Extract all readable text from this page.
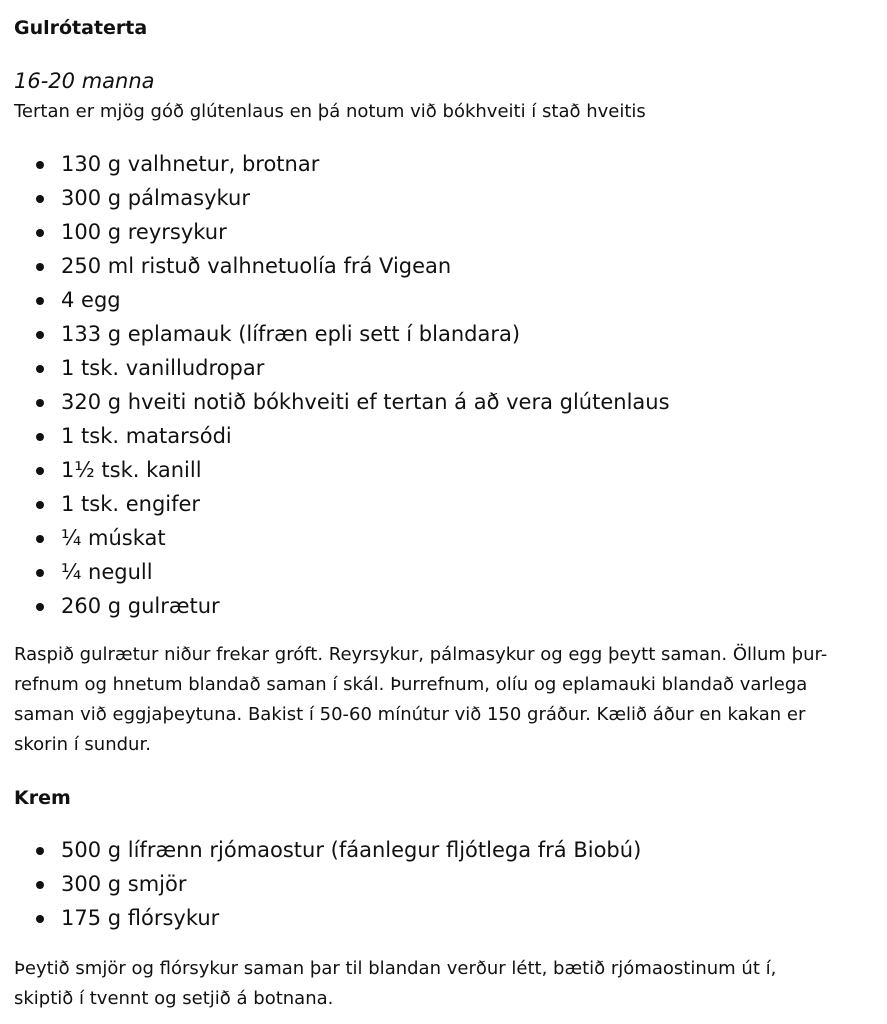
Gulrótaterta

16-20 manna

Tertan er mjög góð glútenlaus en þá notum við bókhveiti í stað hveitis

130 g valhnetur, brotnar
300 g pálmasykur
100 g reyrsykur
250 ml ristuð valhnetuolía frá Vigean
4 egg
133 g eplamauk (lífræn epli sett í blandara)
1 tsk. vanilludropar
320 g hveiti notið bókhveiti ef tertan á að vera glútenlaus
1 tsk. matarsódi
1½ tsk. kanill
1 tsk. engifer
¼ múskat
¼ negull
260 g gulrætur
Raspið gulrætur niður frekar gróft. Reyrsykur, pálmasykur og egg þeytt saman. Öllum þur-
refnum og hnetum blandað saman í skál. Þurrefnum, olíu og eplamauki blandað varlega
saman við eggjaþeytuna. Bakist í 50-60 mínútur við 150 gráður. Kælið áður en kakan er
skorin í sundur.
Krem
500 g lífrænn rjómaostur (fáanlegur fljótlega frá Biobú)
300 g smjör
175 g flórsykur
Þeytið smjör og flórsykur saman þar til blandan verður létt, bætið rjómaostinum út í,
skiptið í tvennt og setjið á botnana.
